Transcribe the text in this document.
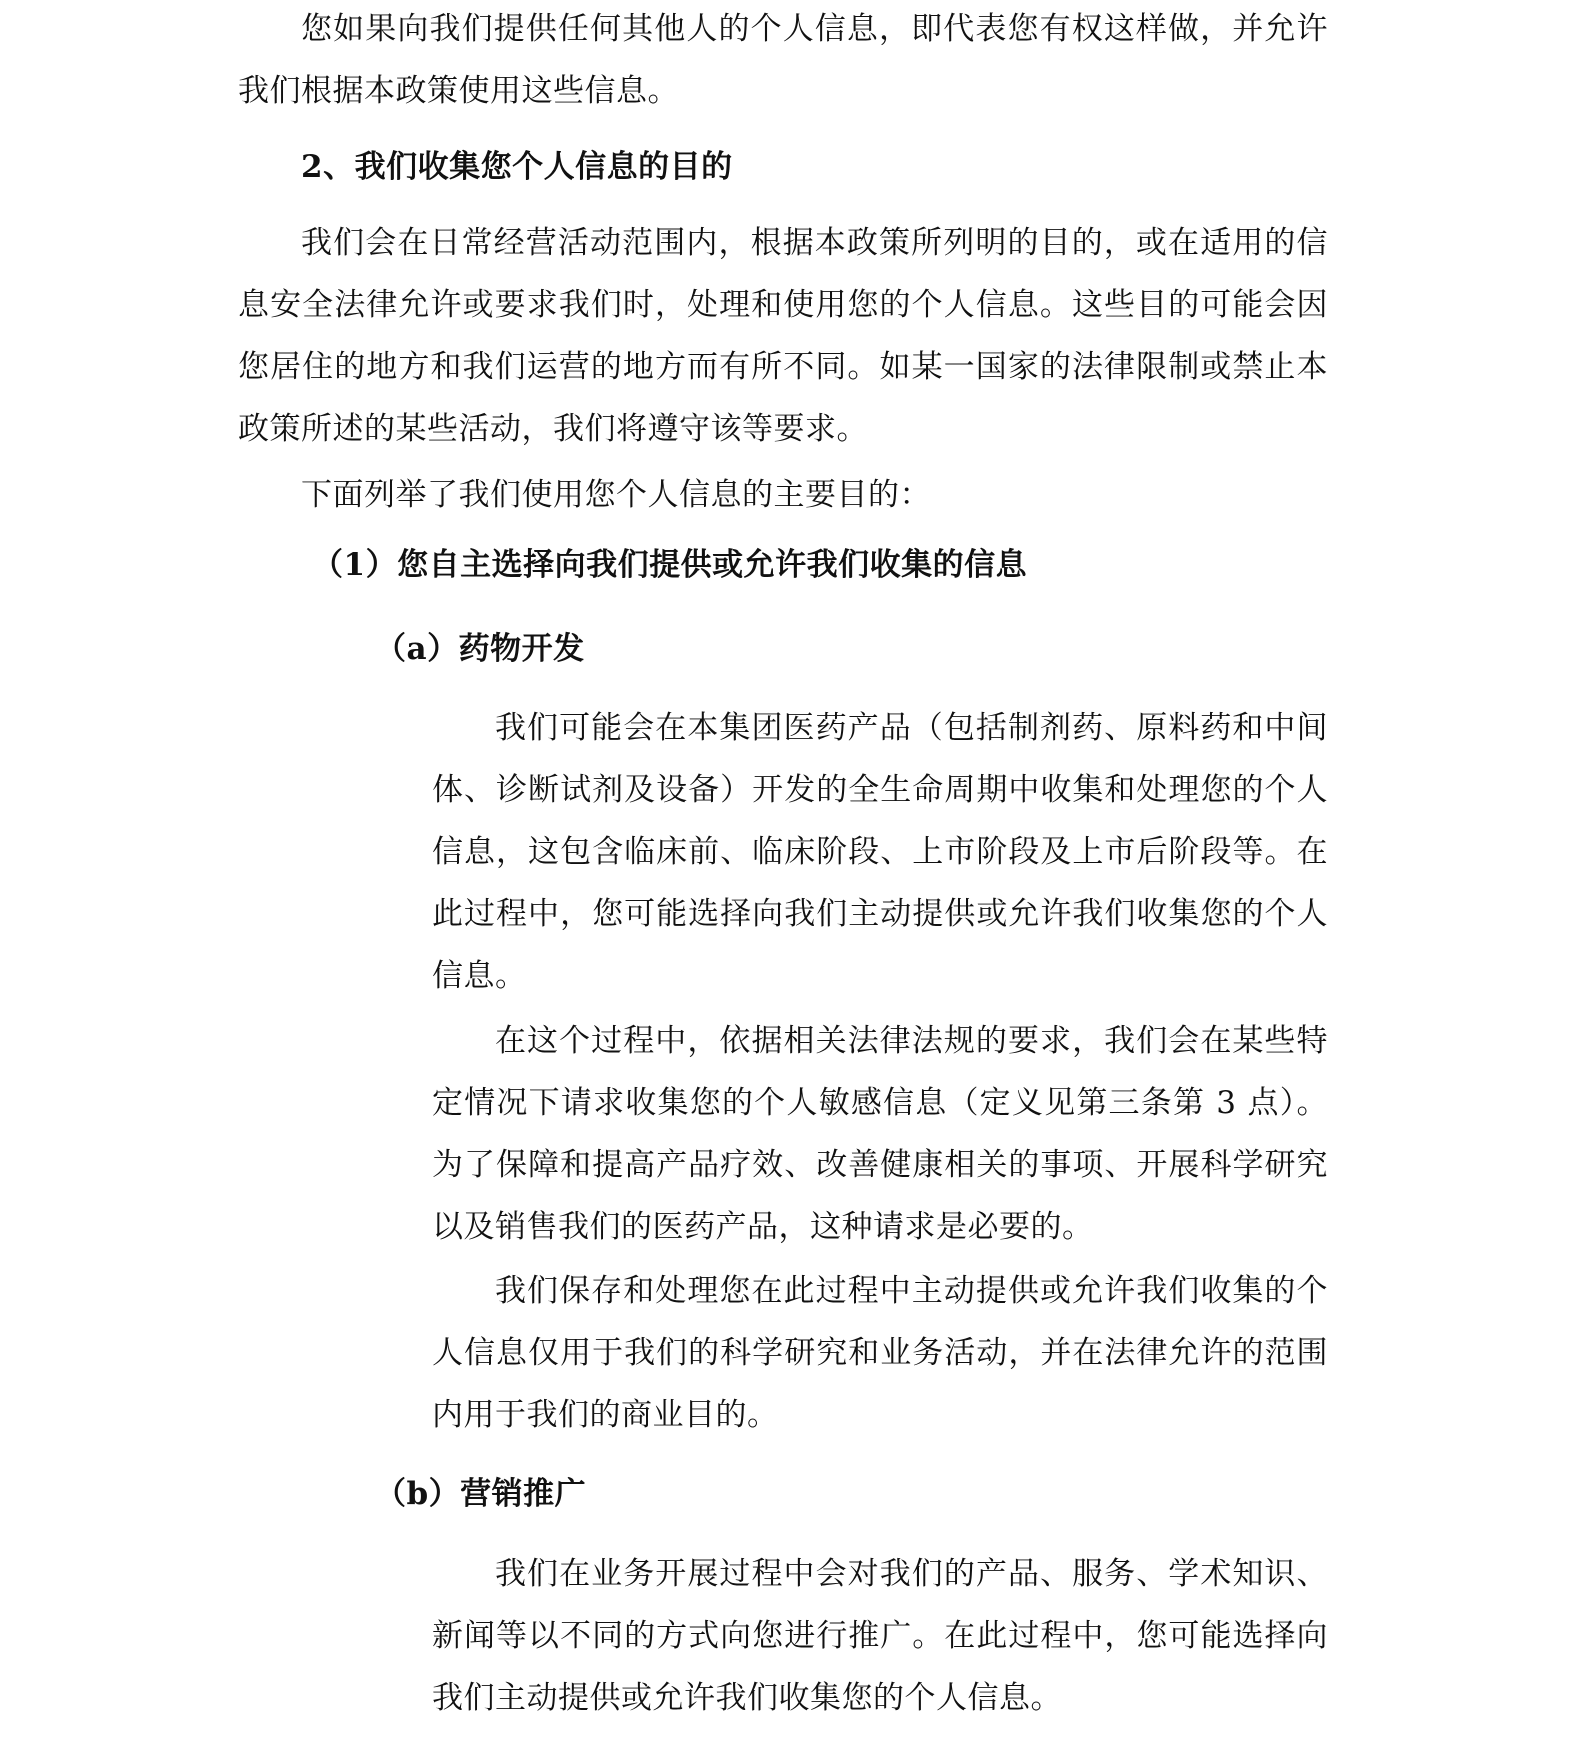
您如果向我们提供任何其他人的个人信息，即代表您有权这样做，并允许我们根据本政策使用这些信息。

2、我们收集您个人信息的目的

我们会在日常经营活动范围内，根据本政策所列明的目的，或在适用的信息安全法律允许或要求我们时，处理和使用您的个人信息。这些目的可能会因您居住的地方和我们运营的地方而有所不同。如某一国家的法律限制或禁止本政策所述的某些活动，我们将遵守该等要求。

下面列举了我们使用您个人信息的主要目的：

（1）您自主选择向我们提供或允许我们收集的信息
（a）药物开发

我们可能会在本集团医药产品（包括制剂药、原料药和中间体、诊断试剂及设备）开发的全生命周期中收集和处理您的个人信息，这包含临床前、临床阶段、上市阶段及上市后阶段等。在此过程中，您可能选择向我们主动提供或允许我们收集您的个人信息。

在这个过程中，依据相关法律法规的要求，我们会在某些特定情况下请求收集您的个人敏感信息（定义见第三条第 3 点）。为了保障和提高产品疗效、改善健康相关的事项、开展科学研究以及销售我们的医药产品，这种请求是必要的。

我们保存和处理您在此过程中主动提供或允许我们收集的个人信息仅用于我们的科学研究和业务活动，并在法律允许的范围内用于我们的商业目的。

（b）营销推广

我们在业务开展过程中会对我们的产品、服务、学术知识、新闻等以不同的方式向您进行推广。在此过程中，您可能选择向我们主动提供或允许我们收集您的个人信息。
